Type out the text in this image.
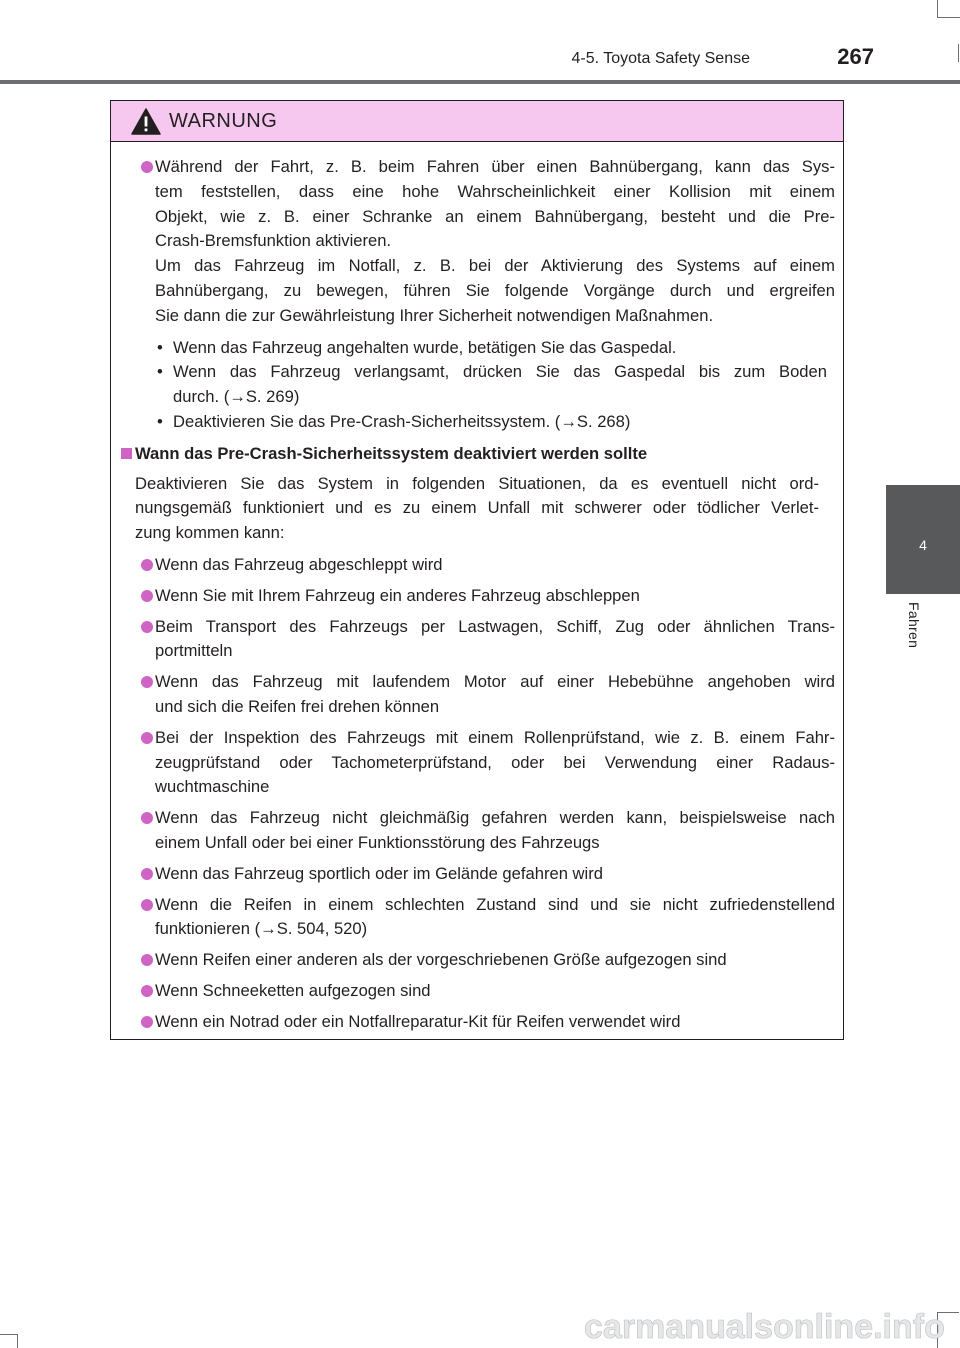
4-5. Toyota Safety Sense	267
4
Fahren
WARNUNG
Während der Fahrt, z. B. beim Fahren über einen Bahnübergang, kann das Sys-
tem feststellen, dass eine hohe Wahrscheinlichkeit einer Kollision mit einem
Objekt, wie z. B. einer Schranke an einem Bahnübergang, besteht und die Pre-
Crash-Bremsfunktion aktivieren.
Um das Fahrzeug im Notfall, z. B. bei der Aktivierung des Systems auf einem
Bahnübergang, zu bewegen, führen Sie folgende Vorgänge durch und ergreifen
Sie dann die zur Gewährleistung Ihrer Sicherheit notwendigen Maßnahmen.
• Wenn das Fahrzeug angehalten wurde, betätigen Sie das Gaspedal.
• Wenn das Fahrzeug verlangsamt, drücken Sie das Gaspedal bis zum Boden
durch. (→S. 269)
• Deaktivieren Sie das Pre-Crash-Sicherheitssystem. (→S. 268)
Wann das Pre-Crash-Sicherheitssystem deaktiviert werden sollte
Deaktivieren Sie das System in folgenden Situationen, da es eventuell nicht ord-
nungsgemäß funktioniert und es zu einem Unfall mit schwerer oder tödlicher Verlet-
zung kommen kann:
Wenn das Fahrzeug abgeschleppt wird
Wenn Sie mit Ihrem Fahrzeug ein anderes Fahrzeug abschleppen
Beim Transport des Fahrzeugs per Lastwagen, Schiff, Zug oder ähnlichen Trans-
portmitteln
Wenn das Fahrzeug mit laufendem Motor auf einer Hebebühne angehoben wird
und sich die Reifen frei drehen können
Bei der Inspektion des Fahrzeugs mit einem Rollenprüfstand, wie z. B. einem Fahr-
zeugprüfstand oder Tachometerprüfstand, oder bei Verwendung einer Radaus-
wuchtmaschine
Wenn das Fahrzeug nicht gleichmäßig gefahren werden kann, beispielsweise nach
einem Unfall oder bei einer Funktionsstörung des Fahrzeugs
Wenn das Fahrzeug sportlich oder im Gelände gefahren wird
Wenn die Reifen in einem schlechten Zustand sind und sie nicht zufriedenstellend
funktionieren (→S. 504, 520)
Wenn Reifen einer anderen als der vorgeschriebenen Größe aufgezogen sind
Wenn Schneeketten aufgezogen sind
Wenn ein Notrad oder ein Notfallreparatur-Kit für Reifen verwendet wird
carmanualsonline.info
